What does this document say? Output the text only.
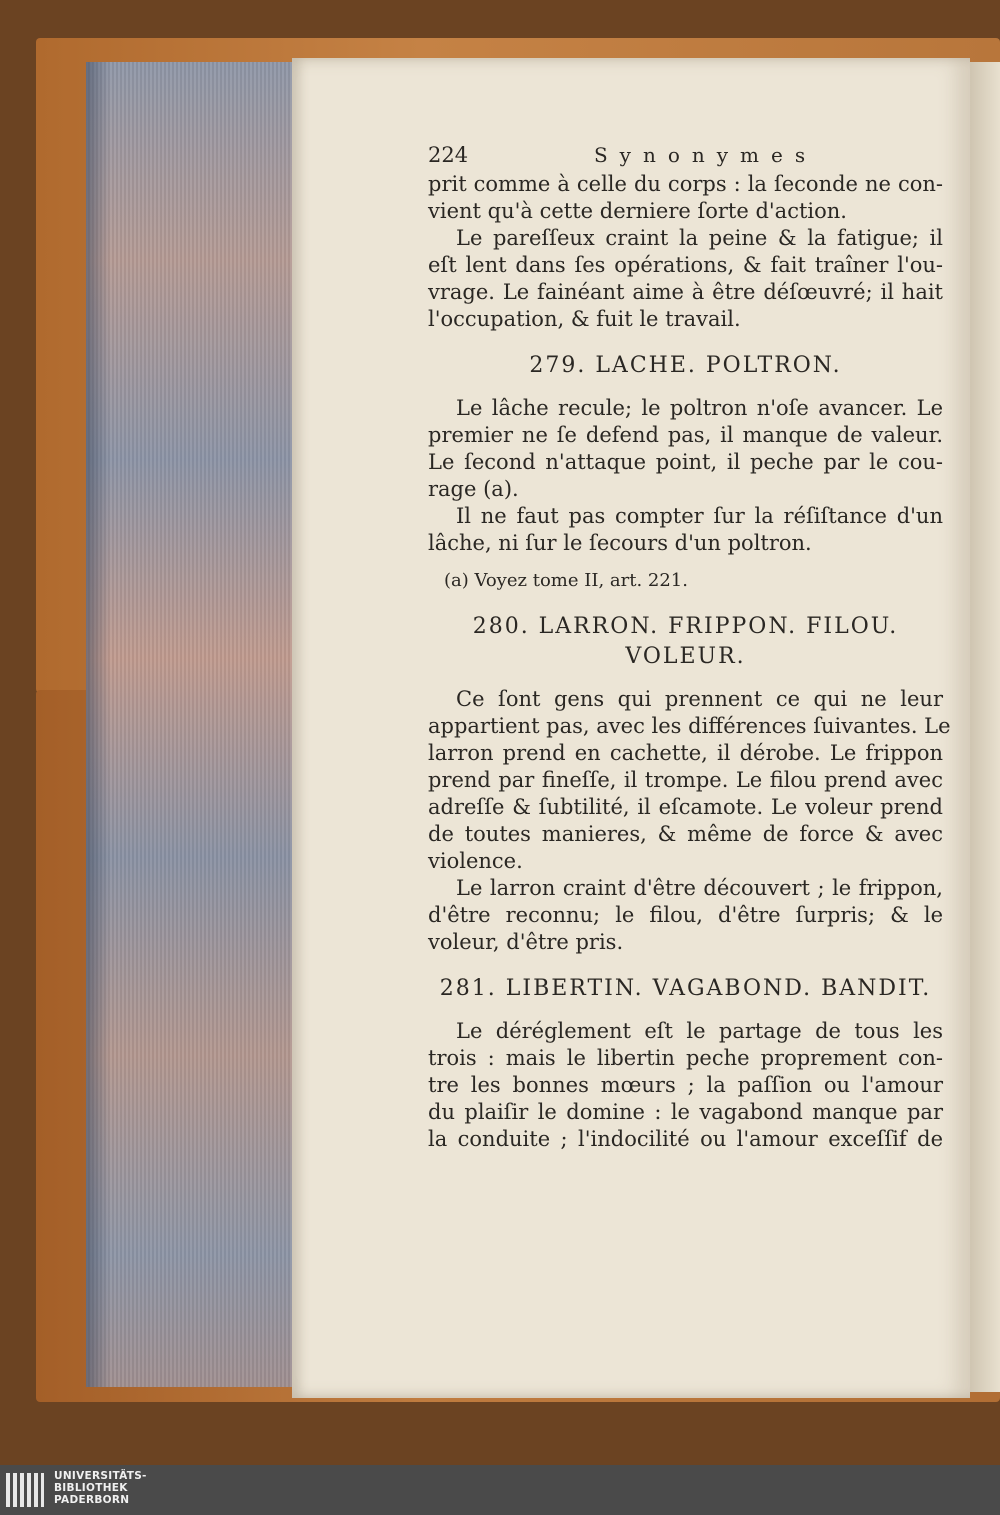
224	Synonymes
prit comme à celle du corps : la ſeconde ne con-
vient qu'à cette derniere ſorte d'action.
Le pareſſeux craint la peine & la fatigue; il
eſt lent dans ſes opérations, & fait traîner l'ou-
vrage. Le fainéant aime à être déſœuvré; il hait
l'occupation, & fuit le travail.
279. LACHE. POLTRON.
Le lâche recule; le poltron n'oſe avancer. Le
premier ne ſe defend pas, il manque de valeur.
Le ſecond n'attaque point, il peche par le cou-
rage (a).
Il ne faut pas compter ſur la réſiſtance d'un
lâche, ni ſur le ſecours d'un poltron.
(a) Voyez tome II, art. 221.
280. LARRON. FRIPPON. FILOU.
VOLEUR.
Ce ſont gens qui prennent ce qui ne leur
appartient pas, avec les différences ſuivantes. Le
larron prend en cachette, il dérobe. Le frippon
prend par fineſſe, il trompe. Le filou prend avec
adreſſe & ſubtilité, il eſcamote. Le voleur prend
de toutes manieres, & même de force & avec
violence.
Le larron craint d'être découvert ; le frippon,
d'être reconnu; le filou, d'être ſurpris; & le
voleur, d'être pris.
281. LIBERTIN. VAGABOND. BANDIT.
Le déréglement eſt le partage de tous les
trois : mais le libertin peche proprement con-
tre les bonnes mœurs ; la paſſion ou l'amour
du plaiſir le domine : le vagabond manque par
la conduite ; l'indocilité ou l'amour exceſſif de
UNIVERSITÄTS-
BIBLIOTHEK
PADERBORN
